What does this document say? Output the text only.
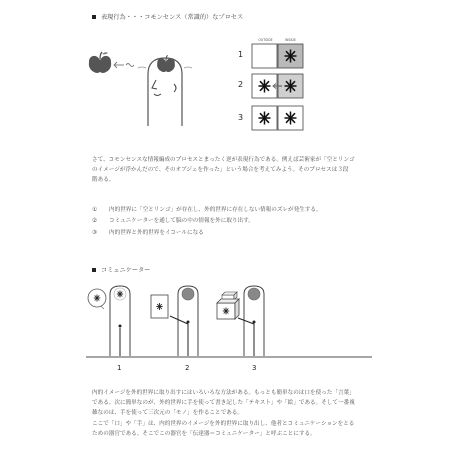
表現行為・・・コモンセンス（常識的）なプロセス
OUTSIDE	INSIDE
1
2
3
さて、コモンセンスな情報編成のプロセスとまったく逆が表現行為である。例えば芸術家が「空とリンゴ
のイメージが浮かんだので、そのオブジェを作った」という場合を考えてみよう。そのプロセスは３段
階ある。
① 内的世界に「空とリンゴ」が存在し、外的世界に存在しない情報のズレが発生する。
② コミュニケーターを通して脳の中の情報を外に取り出す。
③ 内的世界と外的世界をイコールになる
コミュニケーター
1	2	3
内的イメージを外的世界に取り出すにはいろいろな方法がある。もっとも簡単なのは口を使った「言葉」
である。次に簡単なのが、外的世界に手を使って書き記した「テキスト」や「絵」である。そして一番複
雑なのは、手を使って三次元の「モノ」を作ることである。
ここで「口」や「手」は、内的世界のイメージを外的世界に取り出し、他者とコミュニケーションをとる
ための器官である。そこでこの器官を「伝達器＝コミュニケーター」と呼ぶことにする。
